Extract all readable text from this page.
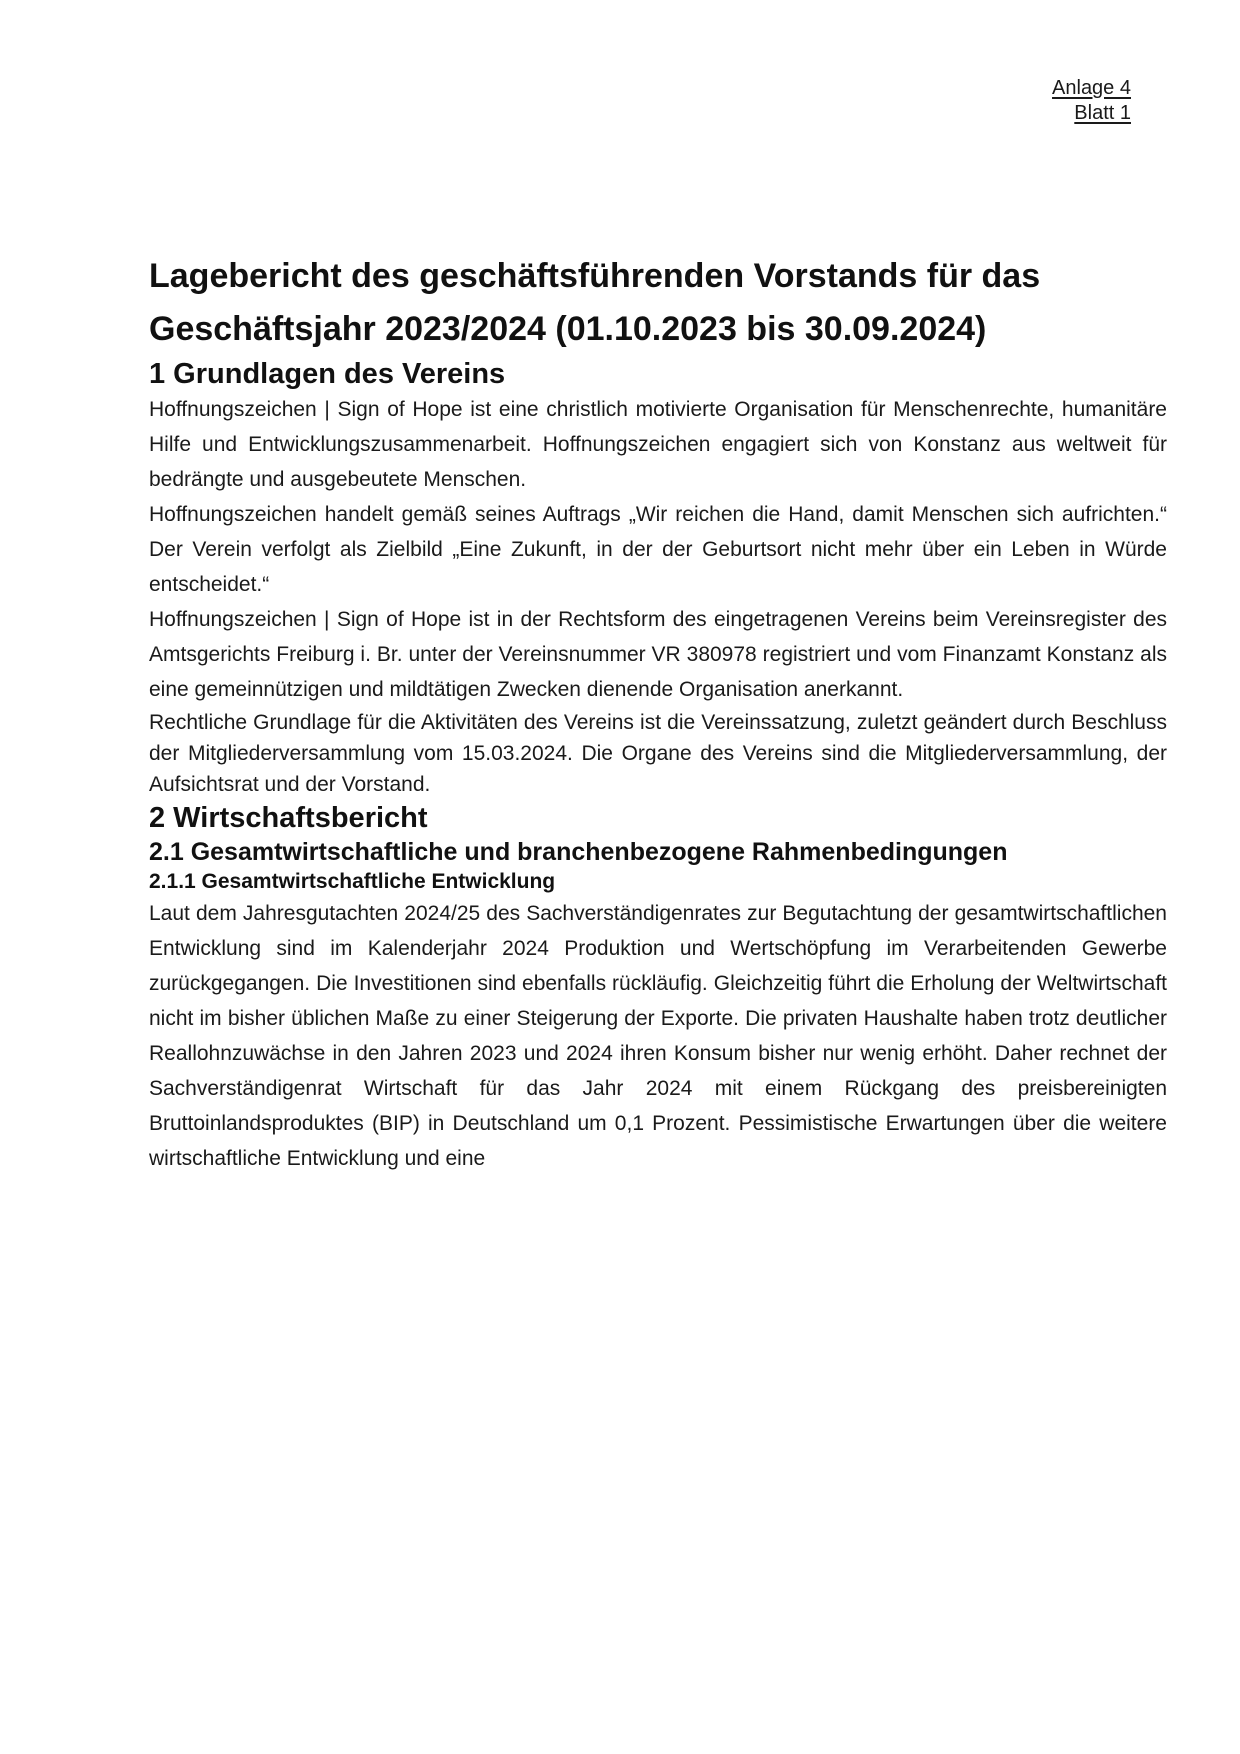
Anlage 4
Blatt 1
Lagebericht des geschäftsführenden Vorstands für das
Geschäftsjahr 2023/2024 (01.10.2023 bis 30.09.2024)
1 Grundlagen des Vereins

Hoffnungszeichen | Sign of Hope ist eine christlich motivierte Organisation für Menschenrechte, humanitäre Hilfe und Entwicklungszusammenarbeit. Hoffnungszeichen engagiert sich von Konstanz aus weltweit für bedrängte und ausgebeutete Menschen.

Hoffnungszeichen handelt gemäß seines Auftrags „Wir reichen die Hand, damit Menschen sich aufrichten.“ Der Verein verfolgt als Zielbild „Eine Zukunft, in der der Geburtsort nicht mehr über ein Leben in Würde entscheidet.“

Hoffnungszeichen | Sign of Hope ist in der Rechtsform des eingetragenen Vereins beim Vereinsregister des Amtsgerichts Freiburg i. Br. unter der Vereinsnummer VR 380978 registriert und vom Finanzamt Konstanz als eine gemeinnützigen und mildtätigen Zwecken dienende Organisation anerkannt.

Rechtliche Grundlage für die Aktivitäten des Vereins ist die Vereinssatzung, zuletzt geändert durch Beschluss der Mitgliederversammlung vom 15.03.2024. Die Organe des Vereins sind die Mitgliederversammlung, der Aufsichtsrat und der Vorstand.

2 Wirtschaftsbericht
2.1 Gesamtwirtschaftliche und branchenbezogene Rahmenbedingungen
2.1.1 Gesamtwirtschaftliche Entwicklung

Laut dem Jahresgutachten 2024/25 des Sachverständigenrates zur Begutachtung der gesamtwirtschaftlichen Entwicklung sind im Kalenderjahr 2024 Produktion und Wertschöpfung im Verarbeitenden Gewerbe zurückgegangen. Die Investitionen sind ebenfalls rückläufig. Gleichzeitig führt die Erholung der Weltwirtschaft nicht im bisher üblichen Maße zu einer Steigerung der Exporte. Die privaten Haushalte haben trotz deutlicher Reallohnzuwächse in den Jahren 2023 und 2024 ihren Konsum bisher nur wenig erhöht. Daher rechnet der Sachverständigenrat Wirtschaft für das Jahr 2024 mit einem Rückgang des preisbereinigten Bruttoinlandsproduktes (BIP) in Deutschland um 0,1 Prozent. Pessimistische Erwartungen über die weitere wirtschaftliche Entwicklung und eine
